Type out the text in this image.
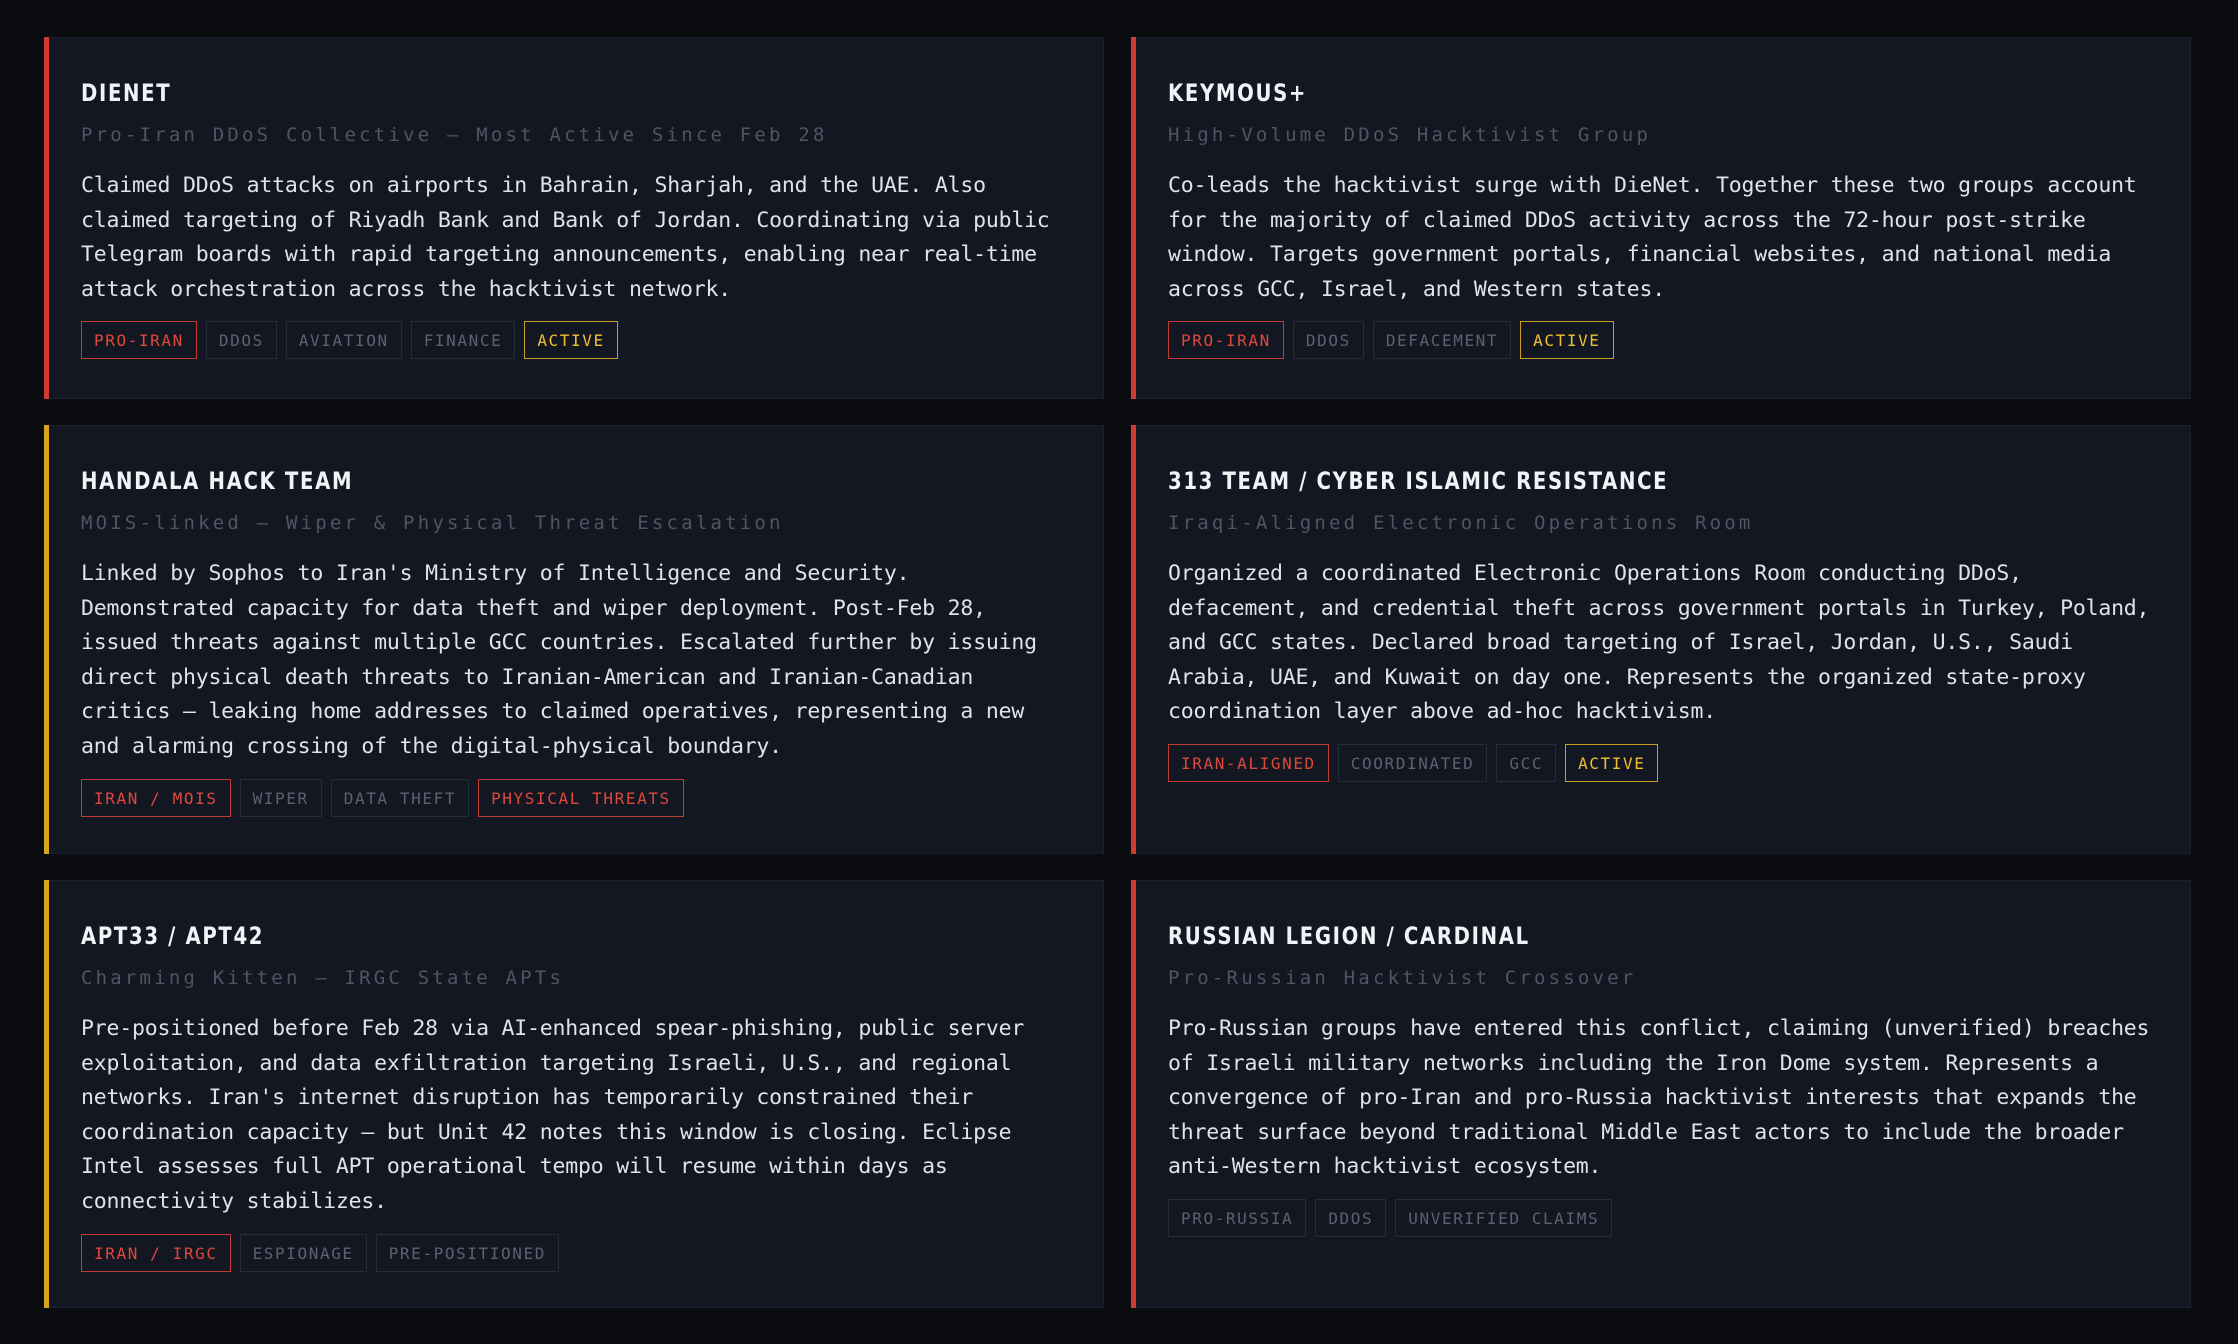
DIENET
Pro-Iran DDoS Collective — Most Active Since Feb 28
Claimed DDoS attacks on airports in Bahrain, Sharjah, and the UAE. Also claimed targeting of Riyadh Bank and Bank of Jordan. Coordinating via public Telegram boards with rapid targeting announcements, enabling near real-time attack orchestration across the hacktivist network.
PRO-IRAN	DDOS	AVIATION	FINANCE	ACTIVE
KEYMOUS+
High-Volume DDoS Hacktivist Group
Co-leads the hacktivist surge with DieNet. Together these two groups account for the majority of claimed DDoS activity across the 72-hour post-strike window. Targets government portals, financial websites, and national media across GCC, Israel, and Western states.
PRO-IRAN	DDOS	DEFACEMENT	ACTIVE
HANDALA HACK TEAM
MOIS-linked — Wiper & Physical Threat Escalation
Linked by Sophos to Iran's Ministry of Intelligence and Security. Demonstrated capacity for data theft and wiper deployment. Post-Feb 28, issued threats against multiple GCC countries. Escalated further by issuing direct physical death threats to Iranian-American and Iranian-Canadian critics — leaking home addresses to claimed operatives, representing a new and alarming crossing of the digital-physical boundary.
IRAN / MOIS	WIPER	DATA THEFT	PHYSICAL THREATS
313 TEAM / CYBER ISLAMIC RESISTANCE
Iraqi-Aligned Electronic Operations Room
Organized a coordinated Electronic Operations Room conducting DDoS, defacement, and credential theft across government portals in Turkey, Poland, and GCC states. Declared broad targeting of Israel, Jordan, U.S., Saudi Arabia, UAE, and Kuwait on day one. Represents the organized state-proxy coordination layer above ad-hoc hacktivism.
IRAN-ALIGNED	COORDINATED	GCC	ACTIVE
APT33 / APT42
Charming Kitten — IRGC State APTs
Pre-positioned before Feb 28 via AI-enhanced spear-phishing, public server exploitation, and data exfiltration targeting Israeli, U.S., and regional networks. Iran's internet disruption has temporarily constrained their coordination capacity — but Unit 42 notes this window is closing. Eclipse Intel assesses full APT operational tempo will resume within days as connectivity stabilizes.
IRAN / IRGC	ESPIONAGE	PRE-POSITIONED
RUSSIAN LEGION / CARDINAL
Pro-Russian Hacktivist Crossover
Pro-Russian groups have entered this conflict, claiming (unverified) breaches of Israeli military networks including the Iron Dome system. Represents a convergence of pro-Iran and pro-Russia hacktivist interests that expands the threat surface beyond traditional Middle East actors to include the broader anti-Western hacktivist ecosystem.
PRO-RUSSIA	DDOS	UNVERIFIED CLAIMS
